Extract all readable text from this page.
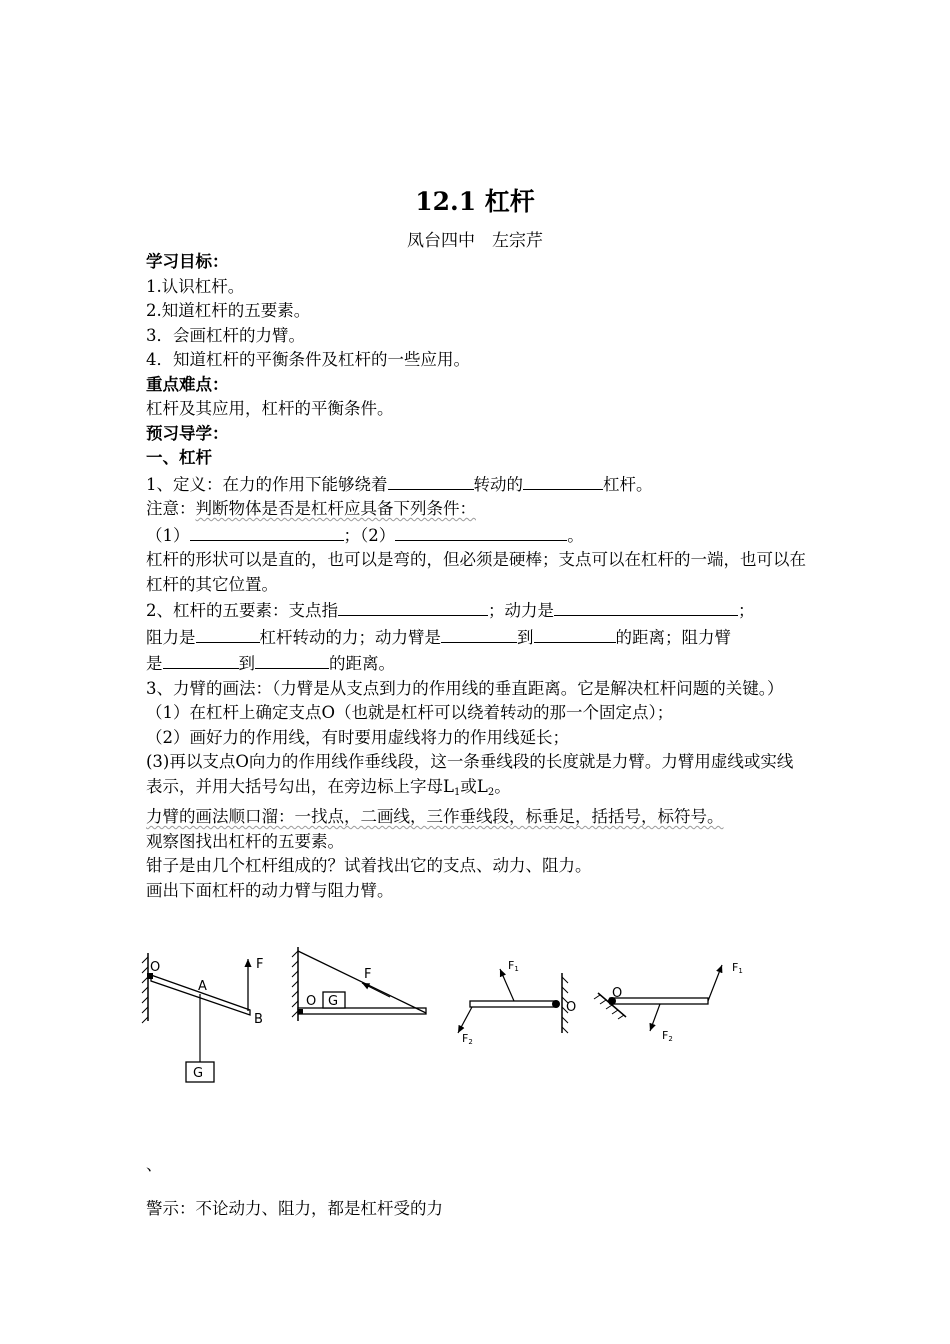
12.1 杠杆
凤台四中　左宗芹
学习目标：
1.认识杠杆。
2.知道杠杆的五要素。
3．会画杠杆的力臂。
4．知道杠杆的平衡条件及杠杆的一些应用。
重点难点：
杠杆及其应用，杠杆的平衡条件。
预习导学：
一、杠杆
1、定义：在力的作用下能够绕着	转动的	杠杆。
注意：判断物体是否是杠杆应具备下列条件：
（1）	；（2）	。
杠杆的形状可以是直的，也可以是弯的，但必须是硬棒；支点可以在杠杆的一端，也可以在杠杆的其它位置。
2、杠杆的五要素：支点指	；动力是	；
阻力是	杠杆转动的力；动力臂是	到	的距离；阻力臂
是	到	的距离。
3、力臂的画法：（力臂是从支点到力的作用线的垂直距离。它是解决杠杆问题的关键。）
（1）在杠杆上确定支点O（也就是杠杆可以绕着转动的那一个固定点）；
（2）画好力的作用线，有时要用虚线将力的作用线延长；
(3)再以支点O向力的作用线作垂线段，这一条垂线段的长度就是力臂。力臂用虚线或实线表示，并用大括号勾出，在旁边标上字母$L_1$或$L_2$。
力臂的画法顺口溜：一找点，二画线，三作垂线段，标垂足，括括号，标符号。
观察图找出杠杆的五要素。
钳子是由几个杠杆组成的？试着找出它的支点、动力、阻力。
画出下面杠杆的动力臂与阻力臂。
O
A
F
B
G
O G
F
F1
F2
O
O
F1
F2
、
警示：不论动力、阻力，都是杠杆受的力
